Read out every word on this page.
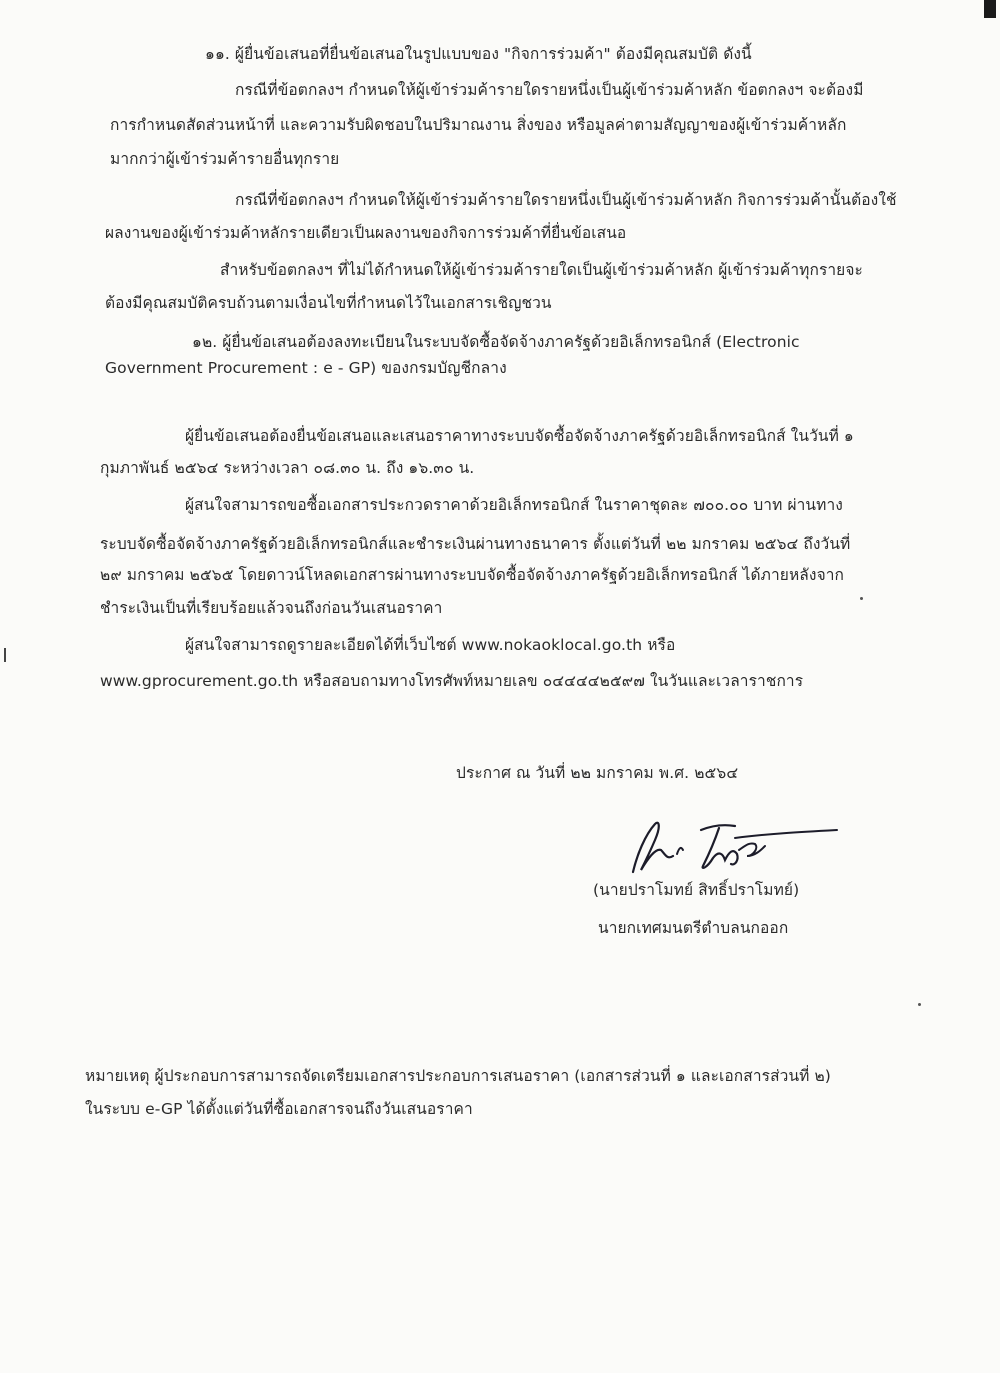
๑๑. ผู้ยื่นข้อเสนอที่ยื่นข้อเสนอในรูปแบบของ "กิจการร่วมค้า" ต้องมีคุณสมบัติ ดังนี้
กรณีที่ข้อตกลงฯ กำหนดให้ผู้เข้าร่วมค้ารายใดรายหนึ่งเป็นผู้เข้าร่วมค้าหลัก ข้อตกลงฯ จะต้องมี
การกำหนดสัดส่วนหน้าที่ และความรับผิดชอบในปริมาณงาน สิ่งของ หรือมูลค่าตามสัญญาของผู้เข้าร่วมค้าหลัก
มากกว่าผู้เข้าร่วมค้ารายอื่นทุกราย
กรณีที่ข้อตกลงฯ กำหนดให้ผู้เข้าร่วมค้ารายใดรายหนึ่งเป็นผู้เข้าร่วมค้าหลัก กิจการร่วมค้านั้นต้องใช้
ผลงานของผู้เข้าร่วมค้าหลักรายเดียวเป็นผลงานของกิจการร่วมค้าที่ยื่นข้อเสนอ
สำหรับข้อตกลงฯ ที่ไม่ได้กำหนดให้ผู้เข้าร่วมค้ารายใดเป็นผู้เข้าร่วมค้าหลัก ผู้เข้าร่วมค้าทุกรายจะ
ต้องมีคุณสมบัติครบถ้วนตามเงื่อนไขที่กำหนดไว้ในเอกสารเชิญชวน
๑๒. ผู้ยื่นข้อเสนอต้องลงทะเบียนในระบบจัดซื้อจัดจ้างภาครัฐด้วยอิเล็กทรอนิกส์ (Electronic
Government Procurement : e - GP) ของกรมบัญชีกลาง
ผู้ยื่นข้อเสนอต้องยื่นข้อเสนอและเสนอราคาทางระบบจัดซื้อจัดจ้างภาครัฐด้วยอิเล็กทรอนิกส์ ในวันที่ ๑
กุมภาพันธ์ ๒๕๖๔ ระหว่างเวลา ๐๘.๓๐ น. ถึง ๑๖.๓๐ น.
ผู้สนใจสามารถขอซื้อเอกสารประกวดราคาด้วยอิเล็กทรอนิกส์ ในราคาชุดละ ๗๐๐.๐๐ บาท ผ่านทาง
ระบบจัดซื้อจัดจ้างภาครัฐด้วยอิเล็กทรอนิกส์และชำระเงินผ่านทางธนาคาร ตั้งแต่วันที่ ๒๒ มกราคม ๒๕๖๔ ถึงวันที่
๒๙ มกราคม ๒๕๖๕ โดยดาวน์โหลดเอกสารผ่านทางระบบจัดซื้อจัดจ้างภาครัฐด้วยอิเล็กทรอนิกส์ ได้ภายหลังจาก
ชำระเงินเป็นที่เรียบร้อยแล้วจนถึงก่อนวันเสนอราคา
ผู้สนใจสามารถดูรายละเอียดได้ที่เว็บไซต์ www.nokaoklocal.go.th หรือ
www.gprocurement.go.th หรือสอบถามทางโทรศัพท์หมายเลข ๐๔๔๔๔๒๕๙๗ ในวันและเวลาราชการ
ประกาศ ณ วันที่ ๒๒ มกราคม พ.ศ. ๒๕๖๔
(นายปราโมทย์ สิทธิ์ปราโมทย์)
นายกเทศมนตรีตำบลนกออก
หมายเหตุ ผู้ประกอบการสามารถจัดเตรียมเอกสารประกอบการเสนอราคา (เอกสารส่วนที่ ๑ และเอกสารส่วนที่ ๒)
ในระบบ e-GP ได้ตั้งแต่วันที่ซื้อเอกสารจนถึงวันเสนอราคา
